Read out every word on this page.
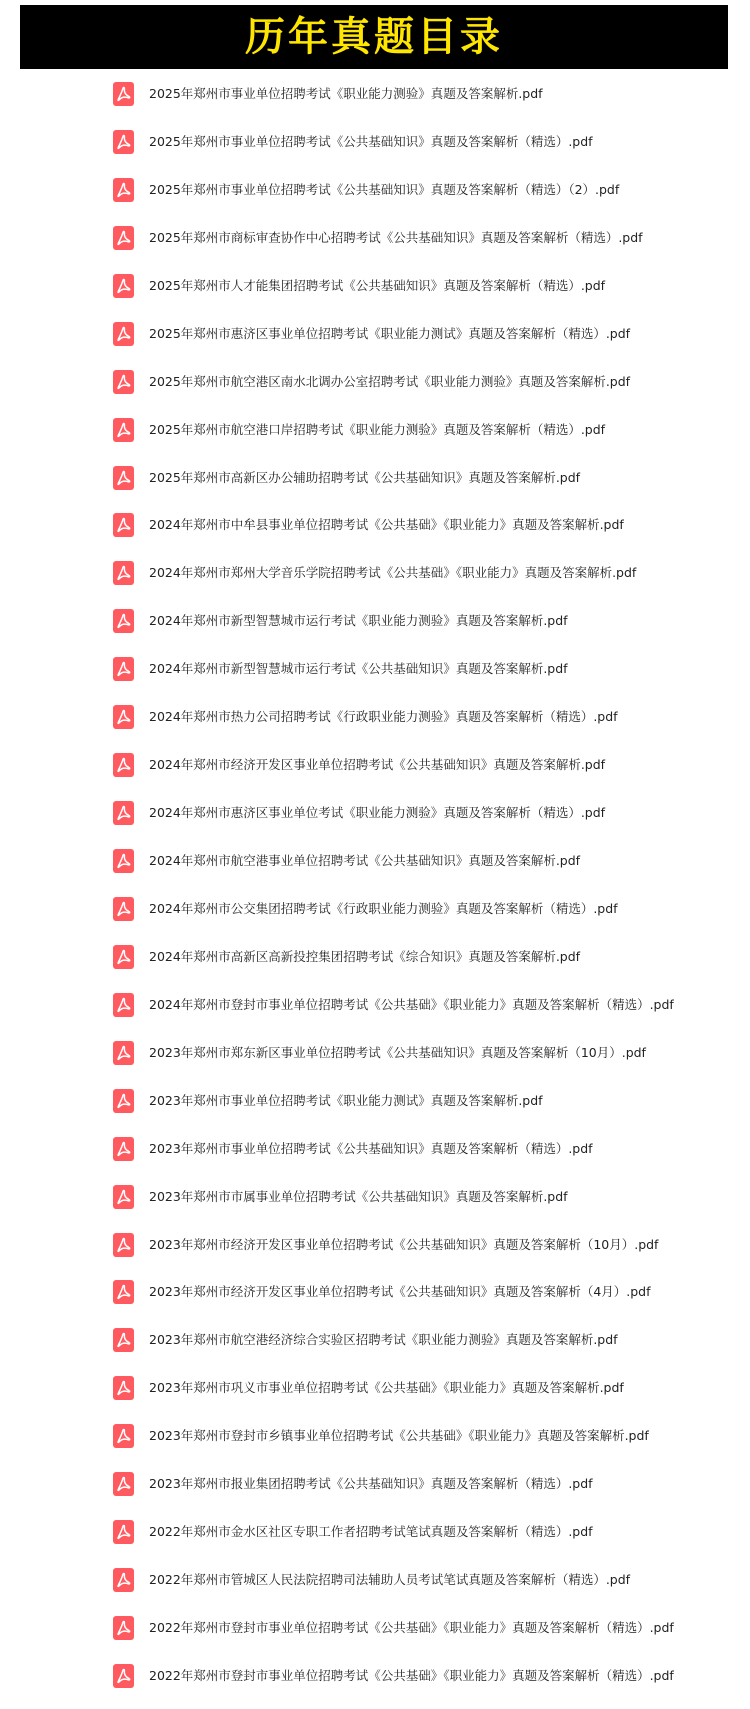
历年真题目录
2025年郑州市事业单位招聘考试《职业能力测验》真题及答案解析.pdf
2025年郑州市事业单位招聘考试《公共基础知识》真题及答案解析（精选）.pdf
2025年郑州市事业单位招聘考试《公共基础知识》真题及答案解析（精选）（2）.pdf
2025年郑州市商标审查协作中心招聘考试《公共基础知识》真题及答案解析（精选）.pdf
2025年郑州市人才能集团招聘考试《公共基础知识》真题及答案解析（精选）.pdf
2025年郑州市惠济区事业单位招聘考试《职业能力测试》真题及答案解析（精选）.pdf
2025年郑州市航空港区南水北调办公室招聘考试《职业能力测验》真题及答案解析.pdf
2025年郑州市航空港口岸招聘考试《职业能力测验》真题及答案解析（精选）.pdf
2025年郑州市高新区办公辅助招聘考试《公共基础知识》真题及答案解析.pdf
2024年郑州市中牟县事业单位招聘考试《公共基础》《职业能力》真题及答案解析.pdf
2024年郑州市郑州大学音乐学院招聘考试《公共基础》《职业能力》真题及答案解析.pdf
2024年郑州市新型智慧城市运行考试《职业能力测验》真题及答案解析.pdf
2024年郑州市新型智慧城市运行考试《公共基础知识》真题及答案解析.pdf
2024年郑州市热力公司招聘考试《行政职业能力测验》真题及答案解析（精选）.pdf
2024年郑州市经济开发区事业单位招聘考试《公共基础知识》真题及答案解析.pdf
2024年郑州市惠济区事业单位考试《职业能力测验》真题及答案解析（精选）.pdf
2024年郑州市航空港事业单位招聘考试《公共基础知识》真题及答案解析.pdf
2024年郑州市公交集团招聘考试《行政职业能力测验》真题及答案解析（精选）.pdf
2024年郑州市高新区高新投控集团招聘考试《综合知识》真题及答案解析.pdf
2024年郑州市登封市事业单位招聘考试《公共基础》《职业能力》真题及答案解析（精选）.pdf
2023年郑州市郑东新区事业单位招聘考试《公共基础知识》真题及答案解析（10月）.pdf
2023年郑州市事业单位招聘考试《职业能力测试》真题及答案解析.pdf
2023年郑州市事业单位招聘考试《公共基础知识》真题及答案解析（精选）.pdf
2023年郑州市市属事业单位招聘考试《公共基础知识》真题及答案解析.pdf
2023年郑州市经济开发区事业单位招聘考试《公共基础知识》真题及答案解析（10月）.pdf
2023年郑州市经济开发区事业单位招聘考试《公共基础知识》真题及答案解析（4月）.pdf
2023年郑州市航空港经济综合实验区招聘考试《职业能力测验》真题及答案解析.pdf
2023年郑州市巩义市事业单位招聘考试《公共基础》《职业能力》真题及答案解析.pdf
2023年郑州市登封市乡镇事业单位招聘考试《公共基础》《职业能力》真题及答案解析.pdf
2023年郑州市报业集团招聘考试《公共基础知识》真题及答案解析（精选）.pdf
2022年郑州市金水区社区专职工作者招聘考试笔试真题及答案解析（精选）.pdf
2022年郑州市管城区人民法院招聘司法辅助人员考试笔试真题及答案解析（精选）.pdf
2022年郑州市登封市事业单位招聘考试《公共基础》《职业能力》真题及答案解析（精选）.pdf
2022年郑州市登封市事业单位招聘考试《公共基础》《职业能力》真题及答案解析（精选）.pdf
